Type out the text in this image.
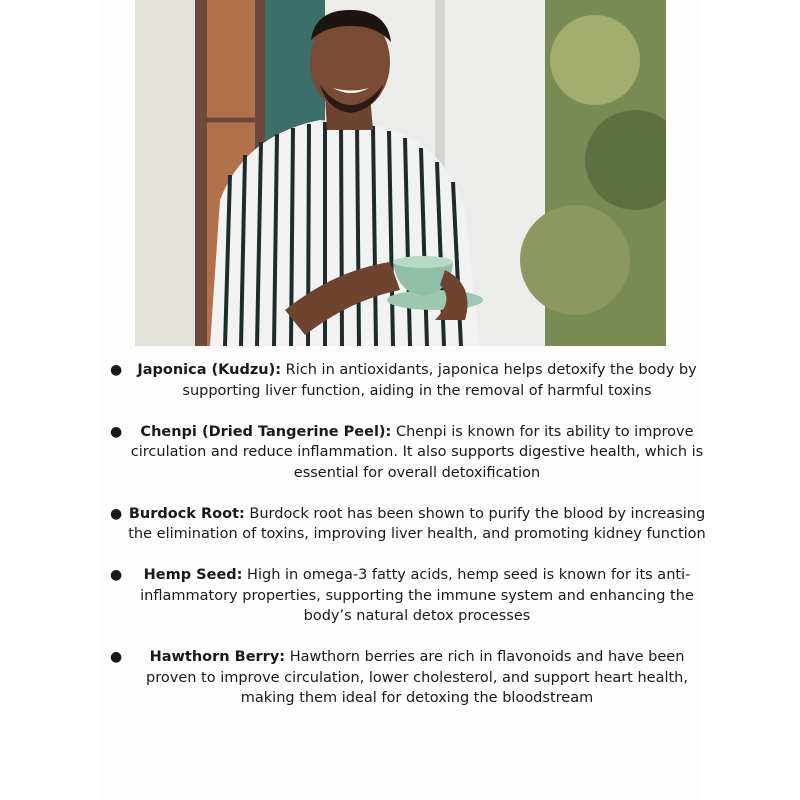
● Japonica (Kudzu): Rich in antioxidants, japonica helps detoxify the body by supporting liver function, aiding in the removal of harmful toxins
● Chenpi (Dried Tangerine Peel): Chenpi is known for its ability to improve circulation and reduce inflammation. It also supports digestive health, which is essential for overall detoxification
● Burdock Root: Burdock root has been shown to purify the blood by increasing the elimination of toxins, improving liver health, and promoting kidney function
● Hemp Seed: High in omega-3 fatty acids, hemp seed is known for its anti-inflammatory properties, supporting the immune system and enhancing the body’s natural detox processes
● Hawthorn Berry: Hawthorn berries are rich in flavonoids and have been proven to improve circulation, lower cholesterol, and support heart health, making them ideal for detoxing the bloodstream
